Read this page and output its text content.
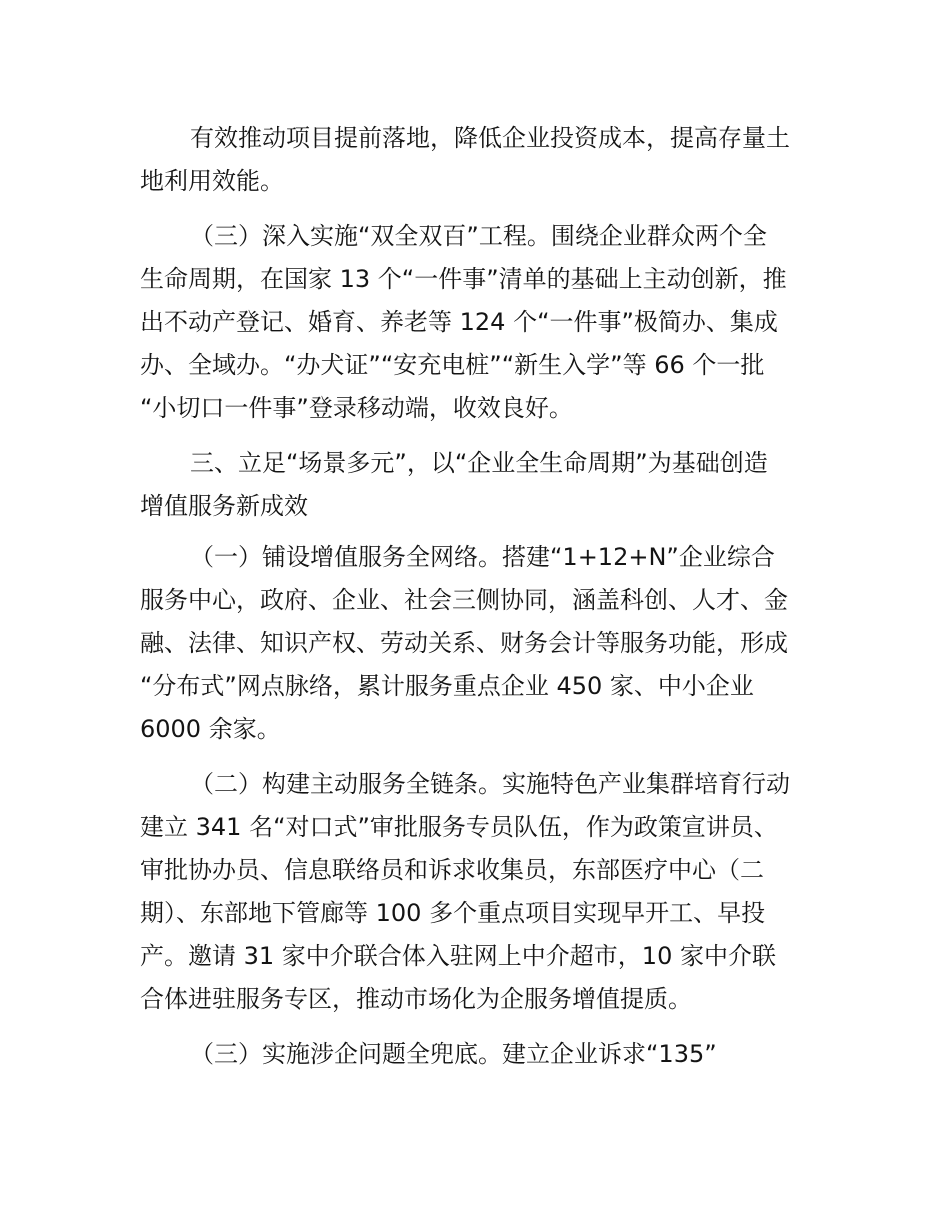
有效推动项目提前落地，降低企业投资成本，提高存量土
地利用效能。
（三）深入实施“双全双百”工程。围绕企业群众两个全
生命周期，在国家 13 个“一件事”清单的基础上主动创新，推
出不动产登记、婚育、养老等 124 个“一件事”极简办、集成
办、全域办。“办犬证”“安充电桩”“新生入学”等 66 个一批
“小切口一件事”登录移动端，收效良好。
三、立足“场景多元”，以“企业全生命周期”为基础创造
增值服务新成效
（一）铺设增值服务全网络。搭建“1+12+N”企业综合
服务中心，政府、企业、社会三侧协同，涵盖科创、人才、金
融、法律、知识产权、劳动关系、财务会计等服务功能，形成
“分布式”网点脉络，累计服务重点企业 450 家、中小企业
6000 余家。
（二）构建主动服务全链条。实施特色产业集群培育行动
建立 341 名“对口式”审批服务专员队伍，作为政策宣讲员、
审批协办员、信息联络员和诉求收集员，东部医疗中心（二
期）、东部地下管廊等 100 多个重点项目实现早开工、早投
产。邀请 31 家中介联合体入驻网上中介超市，10 家中介联
合体进驻服务专区，推动市场化为企服务增值提质。
（三）实施涉企问题全兜底。建立企业诉求“135”
